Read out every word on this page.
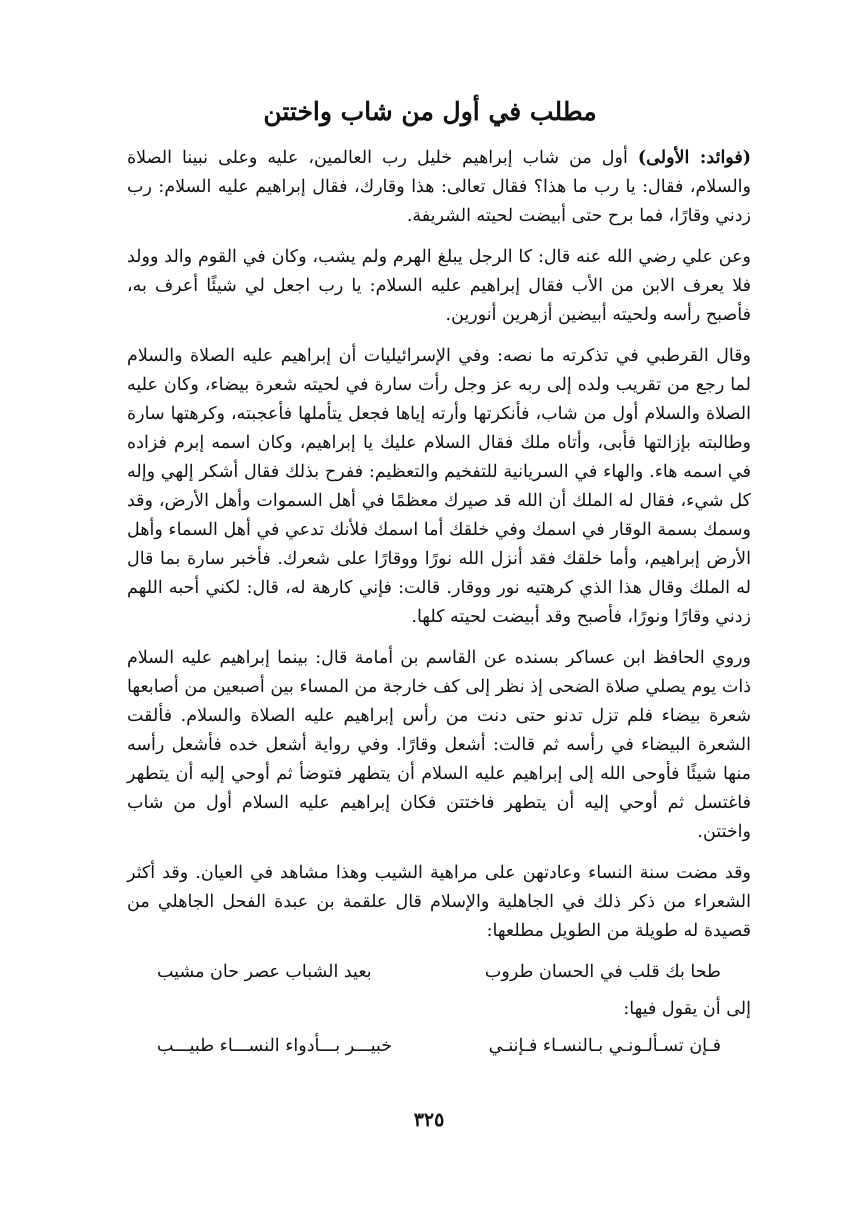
مطلب في أول من شاب واختتن

(فوائد: الأولى) أول من شاب إبراهيم خليل رب العالمين، عليه وعلى نبينا الصلاة والسلام، فقال: يا رب ما هذا؟ فقال تعالى: هذا وقارك، فقال إبراهيم عليه السلام: رب زدني وقارًا، فما برح حتى أبيضت لحيته الشريفة.

وعن علي رضي الله عنه قال: كا الرجل يبلغ الهرم ولم يشب، وكان في القوم والد وولد فلا يعرف الابن من الأب فقال إبراهيم عليه السلام: يا رب اجعل لي شيئًا أعرف به، فأصبح رأسه ولحيته أبيضين أزهرين أنورين.

وقال القرطبي في تذكرته ما نصه: وفي الإسرائيليات أن إبراهيم عليه الصلاة والسلام لما رجع من تقريب ولده إلى ربه عز وجل رأت سارة في لحيته شعرة بيضاء، وكان عليه الصلاة والسلام أول من شاب، فأنكرتها وأرته إياها فجعل يتأملها فأعجبته، وكرهتها سارة وطالبته بإزالتها فأبى، وأتاه ملك فقال السلام عليك يا إبراهيم، وكان اسمه إبرم فزاده في اسمه هاء. والهاء في السريانية للتفخيم والتعظيم: ففرح بذلك فقال أشكر إلهي وإله كل شيء، فقال له الملك أن الله قد صيرك معظمًا في أهل السموات وأهل الأرض، وقد وسمك بسمة الوقار في اسمك وفي خلقك أما اسمك فلأنك تدعي في أهل السماء وأهل الأرض إبراهيم، وأما خلقك فقد أنزل الله نورًا ووقارًا على شعرك. فأخبر سارة بما قال له الملك وقال هذا الذي كرهتيه نور ووقار. قالت: فإني كارهة له، قال: لكني أحبه اللهم زدني وقارًا ونورًا، فأصبح وقد أبيضت لحيته كلها.

وروي الحافظ ابن عساكر بسنده عن القاسم بن أمامة قال: بينما إبراهيم عليه السلام ذات يوم يصلي صلاة الضحى إذ نظر إلى كف خارجة من المساء بين أصبعين من أصابعها شعرة بيضاء فلم تزل تدنو حتى دنت من رأس إبراهيم عليه الصلاة والسلام. فألقت الشعرة البيضاء في رأسه ثم قالت: أشعل وقارًا. وفي رواية أشعل خده فأشعل رأسه منها شيئًا فأوحى الله إلى إبراهيم عليه السلام أن يتطهر فتوضأ ثم أوحي إليه أن يتطهر فاغتسل ثم أوحي إليه أن يتطهر فاختتن فكان إبراهيم عليه السلام أول من شاب واختتن.

وقد مضت سنة النساء وعادتهن على مراهية الشيب وهذا مشاهد في العيان. وقد أكثر الشعراء من ذكر ذلك في الجاهلية والإسلام قال علقمة بن عبدة الفحل الجاهلي من قصيدة له طويلة من الطويل مطلعها:

طحا بك قلب في الحسان طروب
بعيد الشباب عصر حان مشيب
إلى أن يقول فيها:
فـإن تسـألـونـي بـالنسـاء فـإننـي
خبيـــر بـــأدواء النســـاء طبيـــب
٣٢٥
